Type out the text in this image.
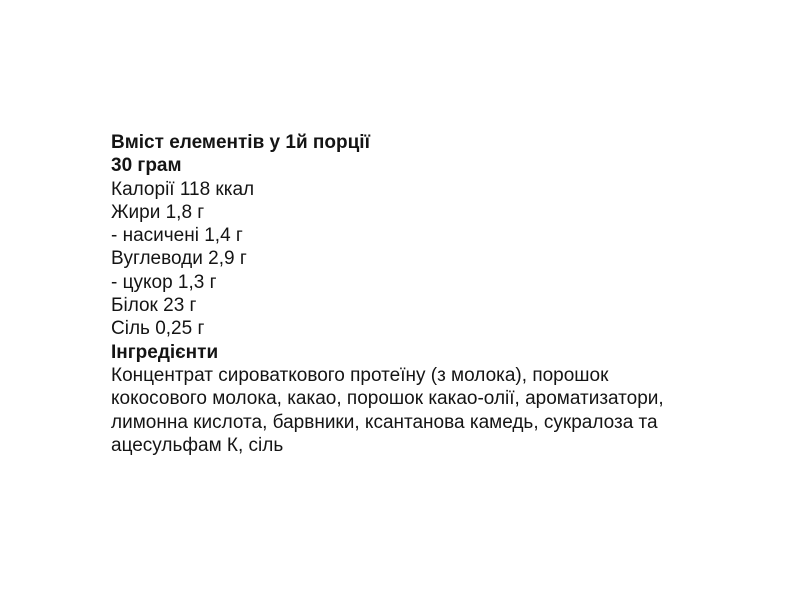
Вміст елементів у 1й порції
30 грам
Калорії 118 ккал
Жири 1,8 г
- насичені 1,4 г
Вуглеводи 2,9 г
- цукор 1,3 г
Білок 23 г
Сіль 0,25 г
Інгредієнти
Концентрат сироваткового протеїну (з молока), порошок
кокосового молока, какао, порошок какао-олії, ароматизатори,
лимонна кислота, барвники, ксантанова камедь, сукралоза та
ацесульфам К, сіль
